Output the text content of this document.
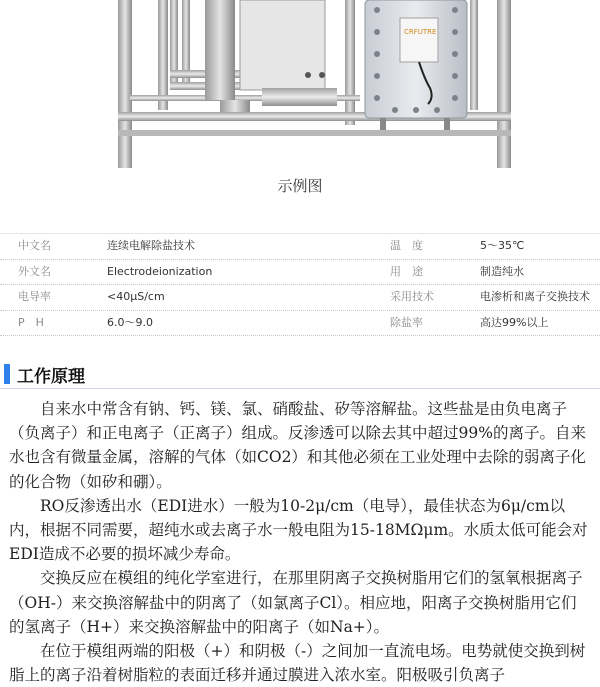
CRFUTRE
示例图
中文名	连续电解除盐技术	温　度	5～35℃
外文名	Electrodeionization	用　途	制造纯水
电导率	<40μS/cm	采用技术	电渗析和离子交换技术
P　H	6.0～9.0	除盐率	高达99%以上
工作原理

自来水中常含有钠、钙、镁、氯、硝酸盐、矽等溶解盐。这些盐是由负电离子（负离子）和正电离子（正离子）组成。反渗透可以除去其中超过99%的离子。自来水也含有微量金属，溶解的气体（如CO2）和其他必须在工业处理中去除的弱离子化的化合物（如矽和硼）。

RO反渗透出水（EDI进水）一般为10-2μ/cm（电导），最佳状态为6μ/cm以内，根据不同需要，超纯水或去离子水一般电阻为15-18MΩμm。水质太低可能会对EDI造成不必要的损坏减少寿命。

交换反应在模组的纯化学室进行，在那里阴离子交换树脂用它们的氢氧根据离子（OH-）来交换溶解盐中的阴离了（如氯离子Cl）。相应地，阳离子交换树脂用它们的氢离子（H+）来交换溶解盐中的阳离子（如Na+）。

在位于模组两端的阳极（+）和阴极（-）之间加一直流电场。电势就使交换到树脂上的离子沿着树脂粒的表面迁移并通过膜进入浓水室。阳极吸引负离子
